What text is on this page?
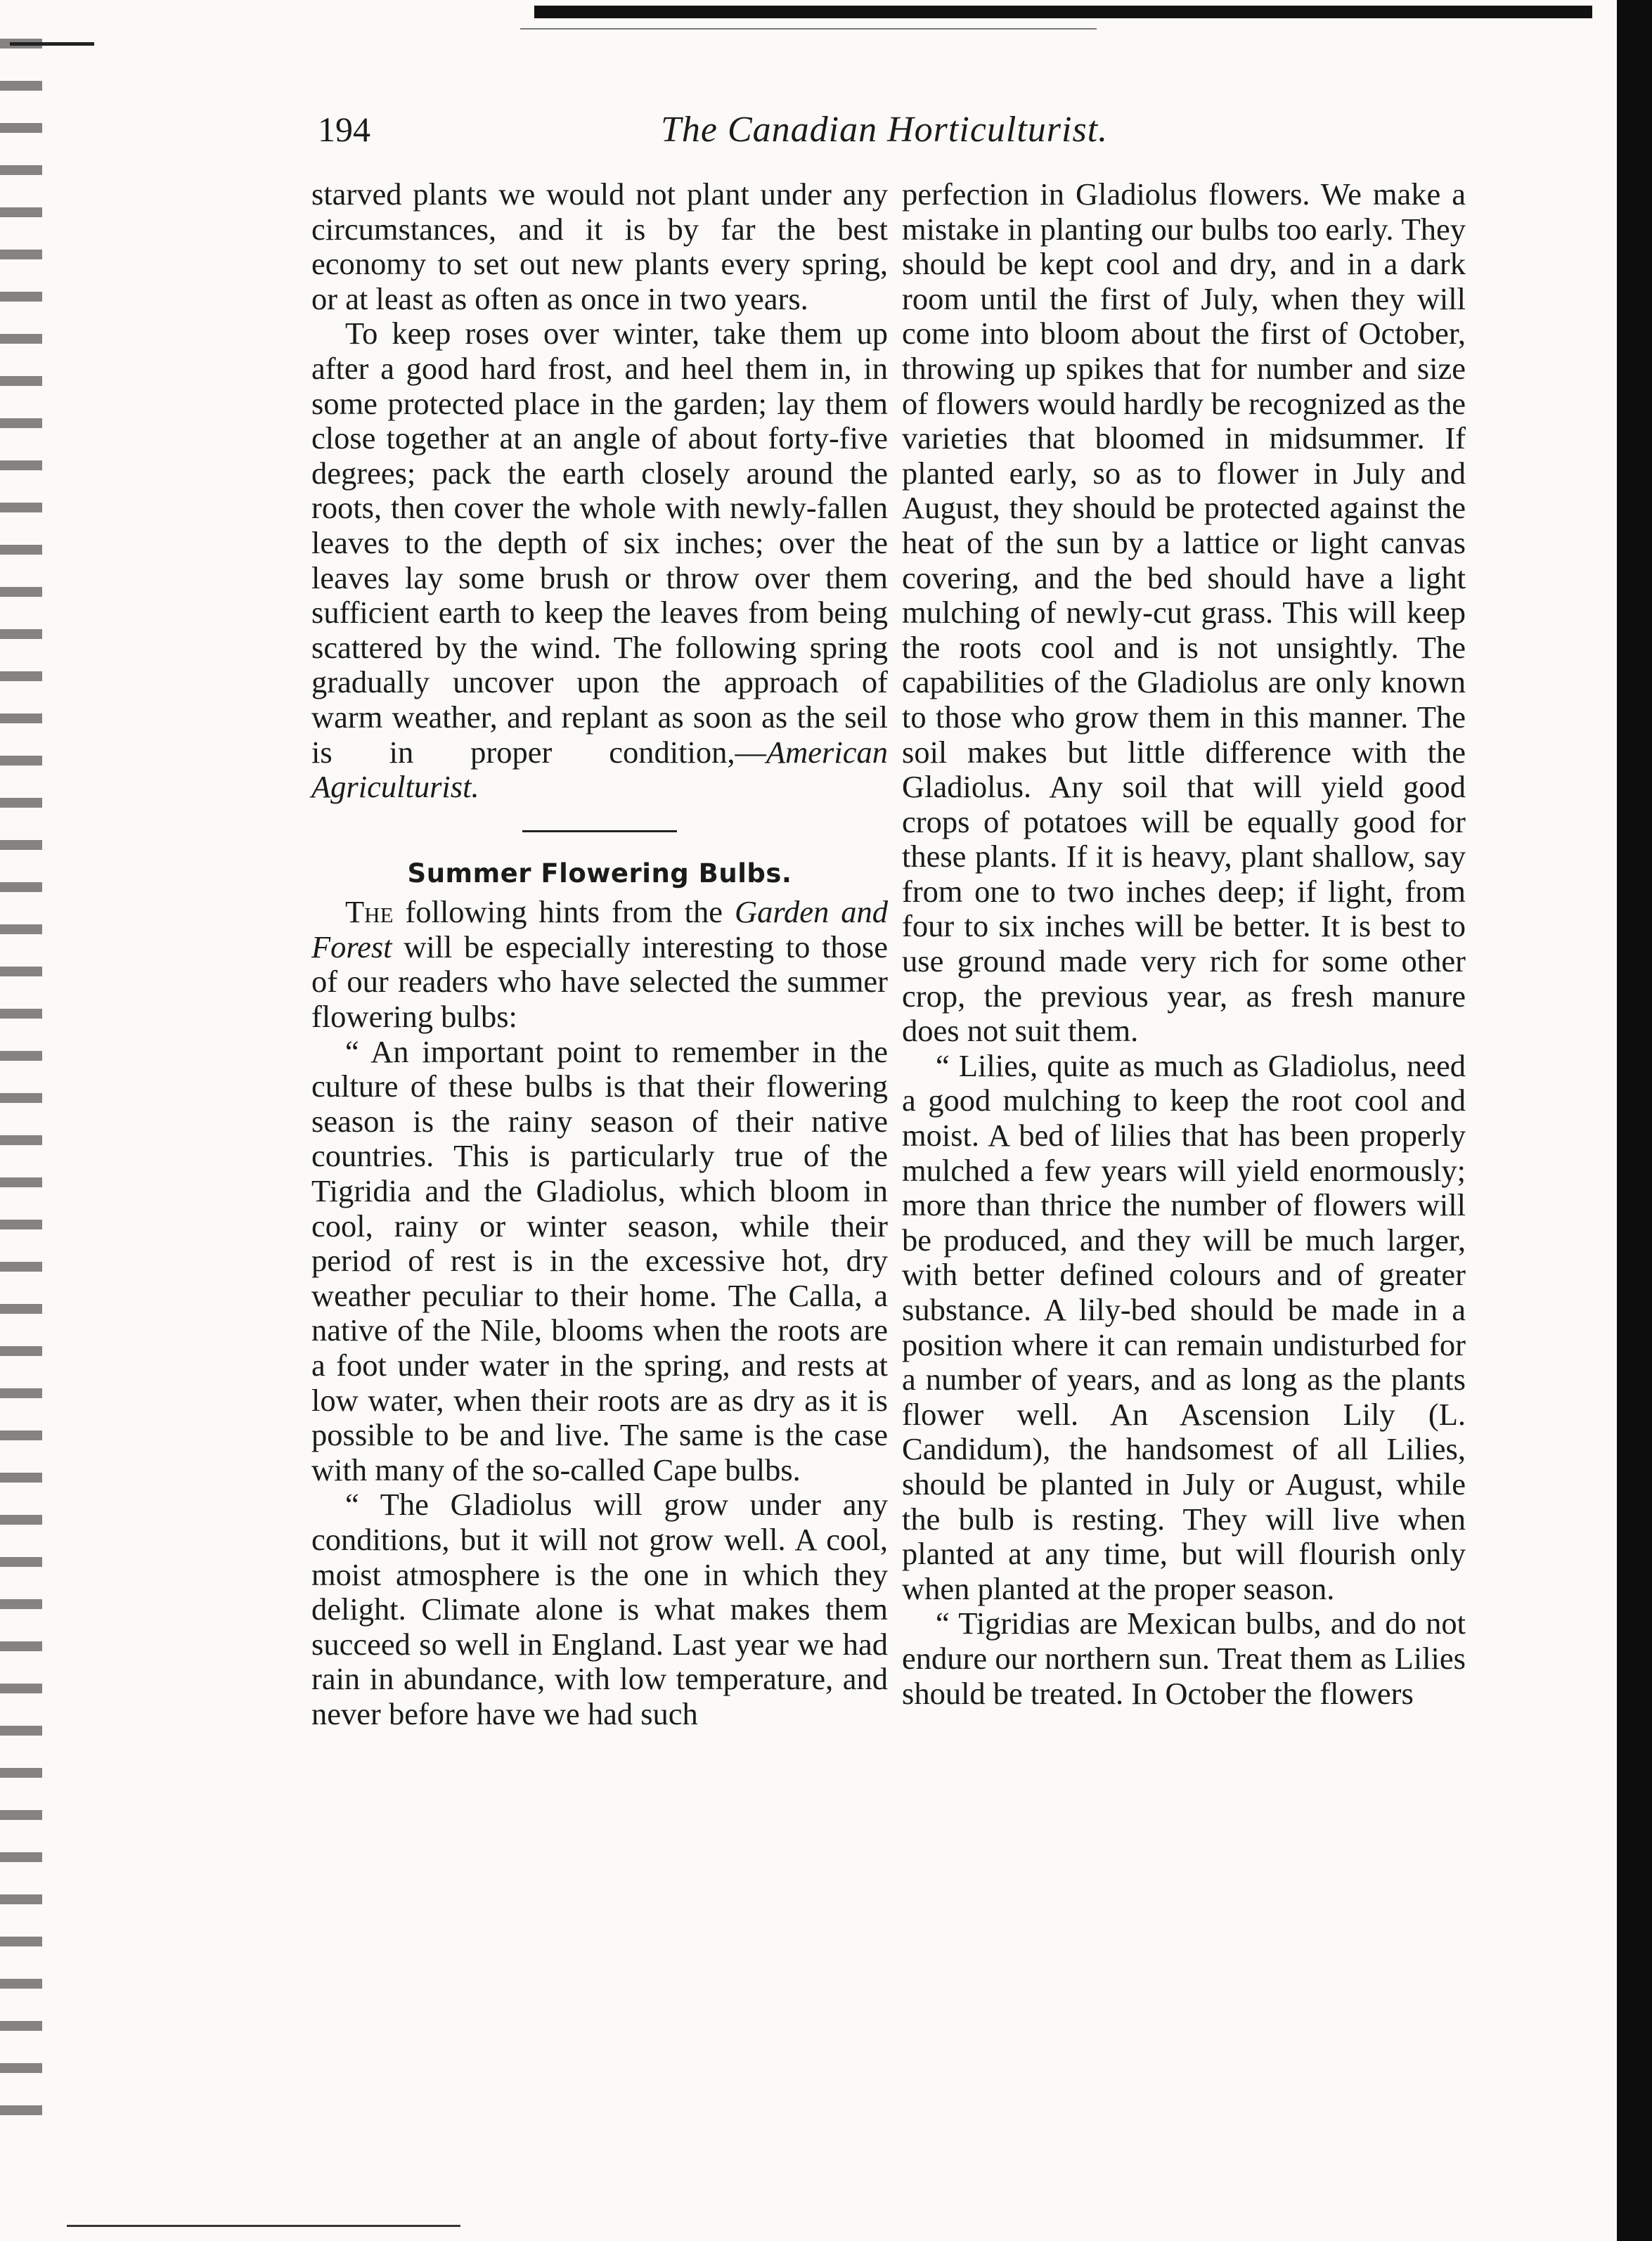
194	The Canadian Horticulturist.

starved plants we would not plant under any circumstances, and it is by far the best economy to set out new plants every spring, or at least as often as once in two years.

To keep roses over winter, take them up after a good hard frost, and heel them in, in some protected place in the garden; lay them close together at an angle of about forty-five degrees; pack the earth closely around the roots, then cover the whole with newly-fallen leaves to the depth of six inches; over the leaves lay some brush or throw over them sufficient earth to keep the leaves from being scattered by the wind. The following spring gradually uncover upon the approach of warm weather, and replant as soon as the seil is in proper condition,—American Agriculturist.

Summer Flowering Bulbs.

The following hints from the Garden and Forest will be especially interesting to those of our readers who have selected the summer flowering bulbs:

“ An important point to remember in the culture of these bulbs is that their flowering season is the rainy season of their native countries. This is particularly true of the Tigridia and the Gladiolus, which bloom in cool, rainy or winter season, while their period of rest is in the excessive hot, dry weather peculiar to their home. The Calla, a native of the Nile, blooms when the roots are a foot under water in the spring, and rests at low water, when their roots are as dry as it is possible to be and live. The same is the case with many of the so-called Cape bulbs.

“ The Gladiolus will grow under any conditions, but it will not grow well. A cool, moist atmosphere is the one in which they delight. Climate alone is what makes them succeed so well in England. Last year we had rain in abundance, with low temperature, and never before have we had such

perfection in Gladiolus flowers. We make a mistake in planting our bulbs too early. They should be kept cool and dry, and in a dark room until the first of July, when they will come into bloom about the first of October, throwing up spikes that for number and size of flowers would hardly be recognized as the varieties that bloomed in midsummer. If planted early, so as to flower in July and August, they should be protected against the heat of the sun by a lattice or light canvas covering, and the bed should have a light mulching of newly-cut grass. This will keep the roots cool and is not unsightly. The capabilities of the Gladiolus are only known to those who grow them in this manner. The soil makes but little difference with the Gladiolus. Any soil that will yield good crops of potatoes will be equally good for these plants. If it is heavy, plant shallow, say from one to two inches deep; if light, from four to six inches will be better. It is best to use ground made very rich for some other crop, the previous year, as fresh manure does not suit them.

“ Lilies, quite as much as Gladiolus, need a good mulching to keep the root cool and moist. A bed of lilies that has been properly mulched a few years will yield enormously; more than thrice the number of flowers will be produced, and they will be much larger, with better defined colours and of greater substance. A lily-bed should be made in a position where it can remain undisturbed for a number of years, and as long as the plants flower well. An Ascension Lily (L. Candidum), the handsomest of all Lilies, should be planted in July or August, while the bulb is resting. They will live when planted at any time, but will flourish only when planted at the proper season.

“ Tigridias are Mexican bulbs, and do not endure our northern sun. Treat them as Lilies should be treated. In October the flowers
